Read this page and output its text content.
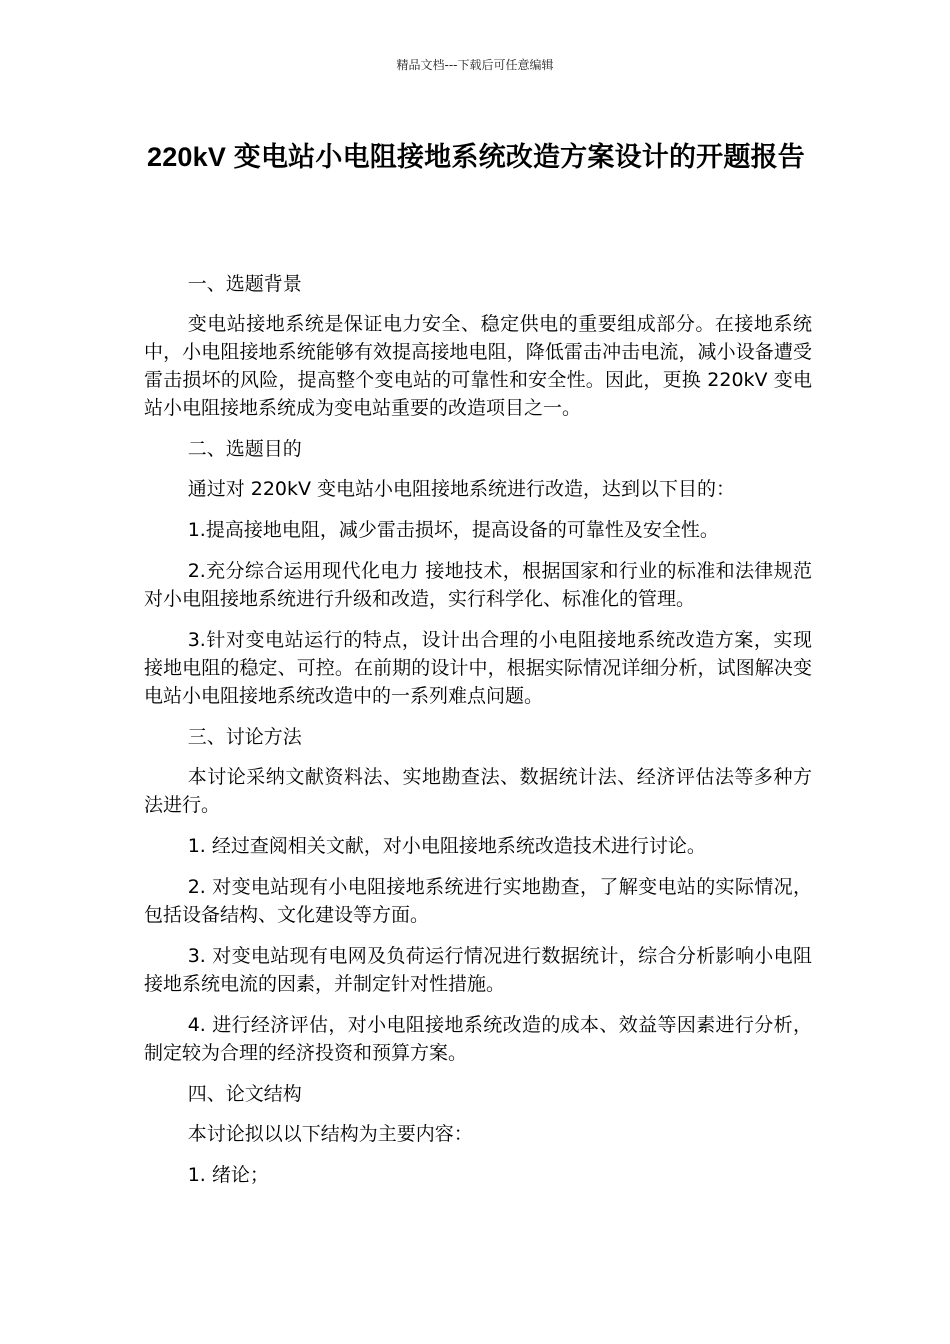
精品文档---下载后可任意编辑
220kV 变电站小电阻接地系统改造方案设计的开题报告

一、选题背景

变电站接地系统是保证电力安全、稳定供电的重要组成部分。在接地系统中，小电阻接地系统能够有效提高接地电阻，降低雷击冲击电流，减小设备遭受雷击损坏的风险，提高整个变电站的可靠性和安全性。因此，更换 220kV 变电站小电阻接地系统成为变电站重要的改造项目之一。

二、选题目的

通过对 220kV 变电站小电阻接地系统进行改造，达到以下目的：

1.提高接地电阻，减少雷击损坏，提高设备的可靠性及安全性。

2.充分综合运用现代化电力 接地技术，根据国家和行业的标准和法律规范对小电阻接地系统进行升级和改造，实行科学化、标准化的管理。

3.针对变电站运行的特点，设计出合理的小电阻接地系统改造方案，实现接地电阻的稳定、可控。在前期的设计中，根据实际情况详细分析，试图解决变电站小电阻接地系统改造中的一系列难点问题。

三、讨论方法

本讨论采纳文献资料法、实地勘查法、数据统计法、经济评估法等多种方法进行。

1. 经过查阅相关文献，对小电阻接地系统改造技术进行讨论。

2. 对变电站现有小电阻接地系统进行实地勘查，了解变电站的实际情况，包括设备结构、文化建设等方面。

3. 对变电站现有电网及负荷运行情况进行数据统计，综合分析影响小电阻接地系统电流的因素，并制定针对性措施。

4. 进行经济评估，对小电阻接地系统改造的成本、效益等因素进行分析，制定较为合理的经济投资和预算方案。

四、论文结构

本讨论拟以以下结构为主要内容：

1. 绪论；
